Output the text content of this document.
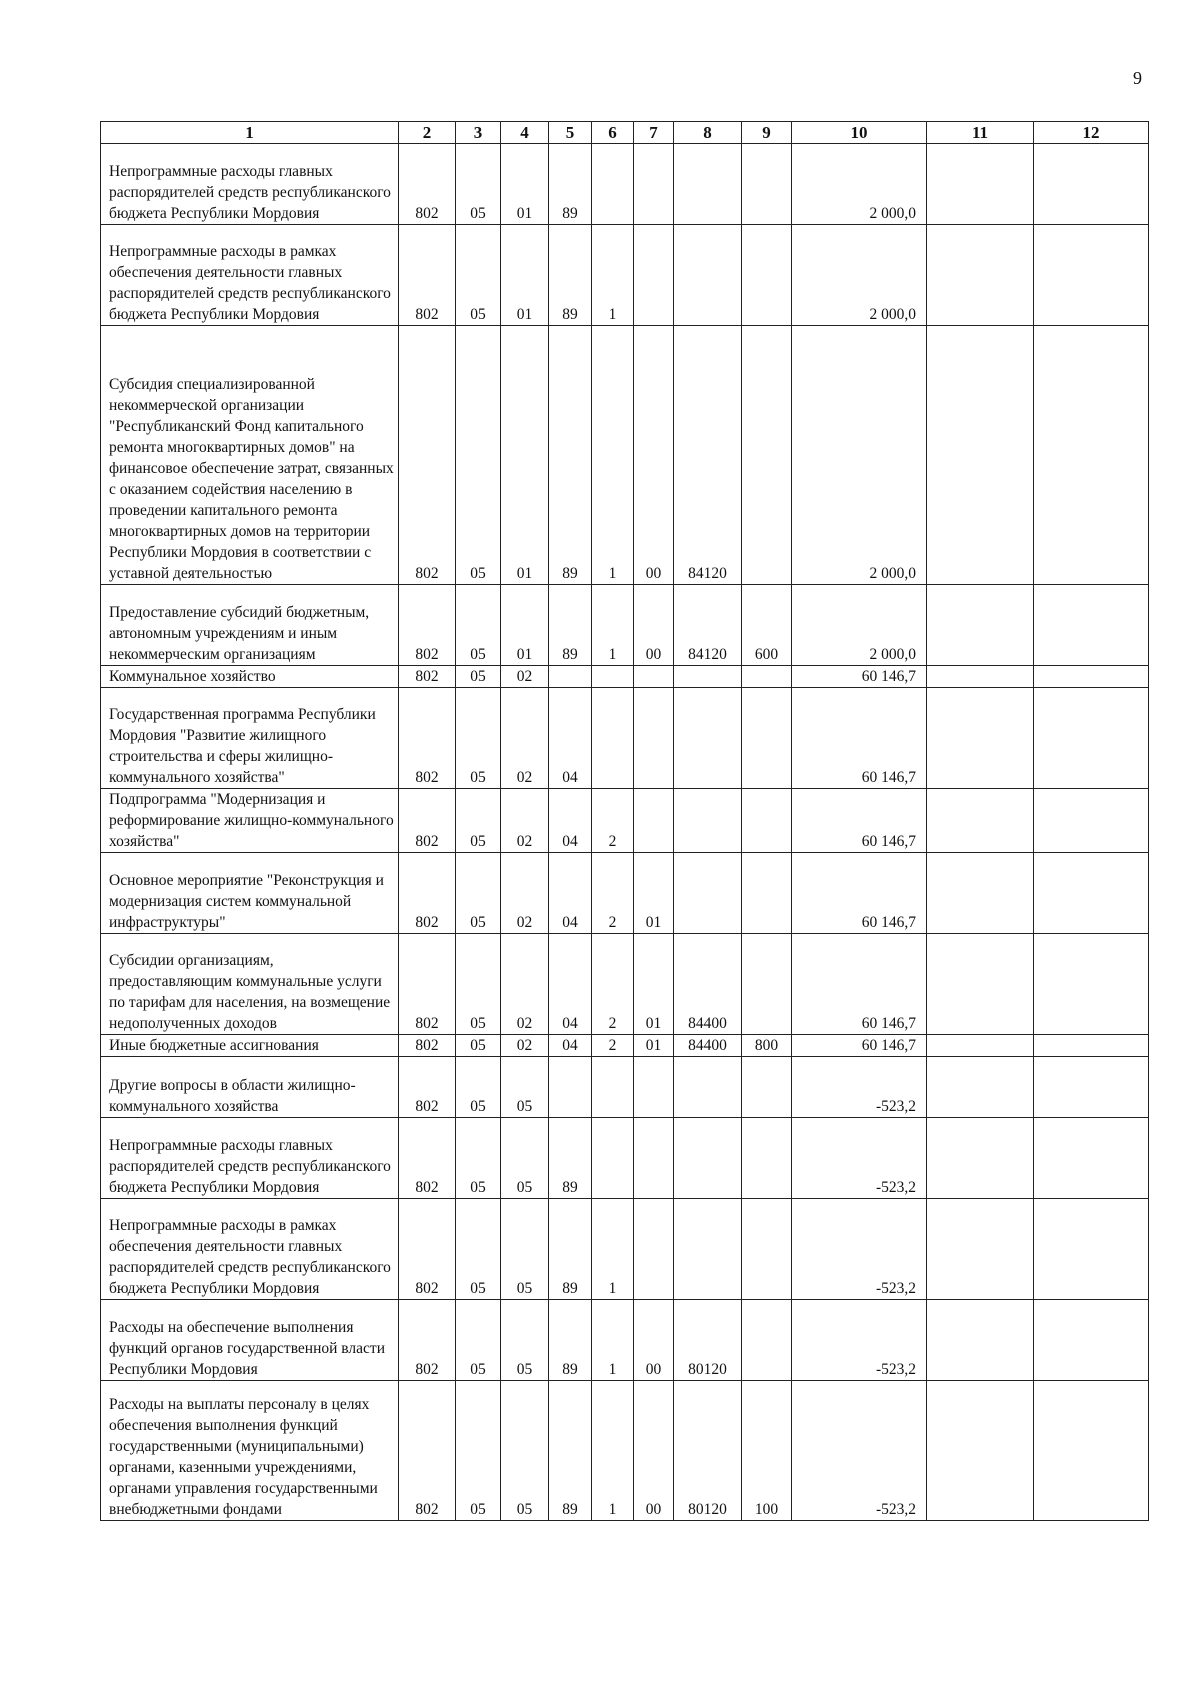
9
1	2	3	4	5	6	7	8	9	10	11	12
Непрограммные расходы главных распорядителей средств республиканского бюджета Республики Мордовия	802	05	01	89					2 000,0		
Непрограммные расходы в рамках обеспечения деятельности главных распорядителей средств республиканского бюджета Республики Мордовия	802	05	01	89	1				2 000,0		
Субсидия специализированной некоммерческой организации "Республиканский Фонд капитального ремонта многоквартирных домов" на финансовое обеспечение затрат, связанных с оказанием содействия населению в проведении капитального ремонта многоквартирных домов на территории Республики Мордовия в соответствии с уставной деятельностью	802	05	01	89	1	00	84120		2 000,0		
Предоставление субсидий бюджетным, автономным учреждениям и иным некоммерческим организациям	802	05	01	89	1	00	84120	600	2 000,0		
Коммунальное хозяйство	802	05	02						60 146,7		
Государственная программа Республики Мордовия "Развитие жилищного строительства и сферы жилищно-коммунального хозяйства"	802	05	02	04					60 146,7		
Подпрограмма "Модернизация и реформирование жилищно-коммунального хозяйства"	802	05	02	04	2				60 146,7		
Основное мероприятие "Реконструкция и модернизация систем коммунальной инфраструктуры"	802	05	02	04	2	01			60 146,7		
Субсидии организациям, предоставляющим коммунальные услуги по тарифам для населения, на возмещение недополученных доходов	802	05	02	04	2	01	84400		60 146,7		
Иные бюджетные ассигнования	802	05	02	04	2	01	84400	800	60 146,7		
Другие вопросы в области жилищно-коммунального хозяйства	802	05	05						-523,2		
Непрограммные расходы главных распорядителей средств республиканского бюджета Республики Мордовия	802	05	05	89					-523,2		
Непрограммные расходы в рамках обеспечения деятельности главных распорядителей средств республиканского бюджета Республики Мордовия	802	05	05	89	1				-523,2		
Расходы на обеспечение выполнения функций органов государственной власти Республики Мордовия	802	05	05	89	1	00	80120		-523,2		
Расходы на выплаты персоналу в целях обеспечения выполнения функций государственными (муниципальными) органами, казенными учреждениями, органами управления государственными внебюджетными фондами	802	05	05	89	1	00	80120	100	-523,2		
